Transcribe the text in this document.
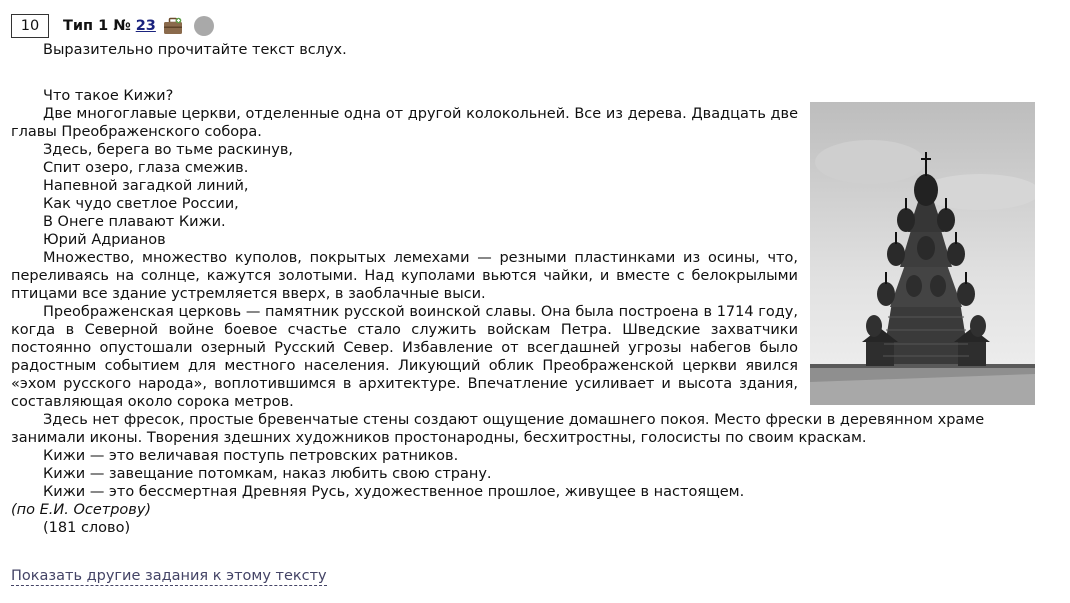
10	Тип 1 № 23

Выразительно прочитайте текст вслух.

Что такое Кижи?

Две многоглавые церкви, отделенные одна от другой колокольней. Все из дерева. Двадцать две главы Преображенского собора.

Здесь, берега во тьме раскинув,

Спит озеро, глаза смежив.

Напевной загадкой линий,

Как чудо светлое России,

В Онеге плавают Кижи.

Юрий Адрианов

Множество, множество куполов, покрытых лемехами — резными пластинками из осины, что, переливаясь на солнце, кажутся золотыми. Над куполами вьются чайки, и вместе с белокрылыми птицами все здание устремляется вверх, в заоблачные выси.

Преображенская церковь — памятник русской воинской славы. Она была построена в 1714 году, когда в Северной войне боевое счастье стало служить войскам Петра. Шведские захватчики постоянно опустошали озерный Русский Север. Избавление от всегдашней угрозы набегов было радостным событием для местного населения. Ликующий облик Преображенской церкви явился «эхом русского народа», воплотившимся в архитектуре. Впечатление усиливает и высота здания, составляющая около сорока метров.

Здесь нет фресок, простые бревенчатые стены создают ощущение домашнего покоя. Место фрески в деревянном храме занимали иконы. Творения здешних художников простонародны, бесхитростны, голосисты по своим краскам.

Кижи — это величавая поступь петровских ратников.

Кижи — завещание потомкам, наказ любить свою страну.

Кижи — это бессмертная Древняя Русь, художественное прошлое, живущее в настоящем.

(по Е.И. Осетрову)

(181 слово)

Показать другие задания к этому тексту
